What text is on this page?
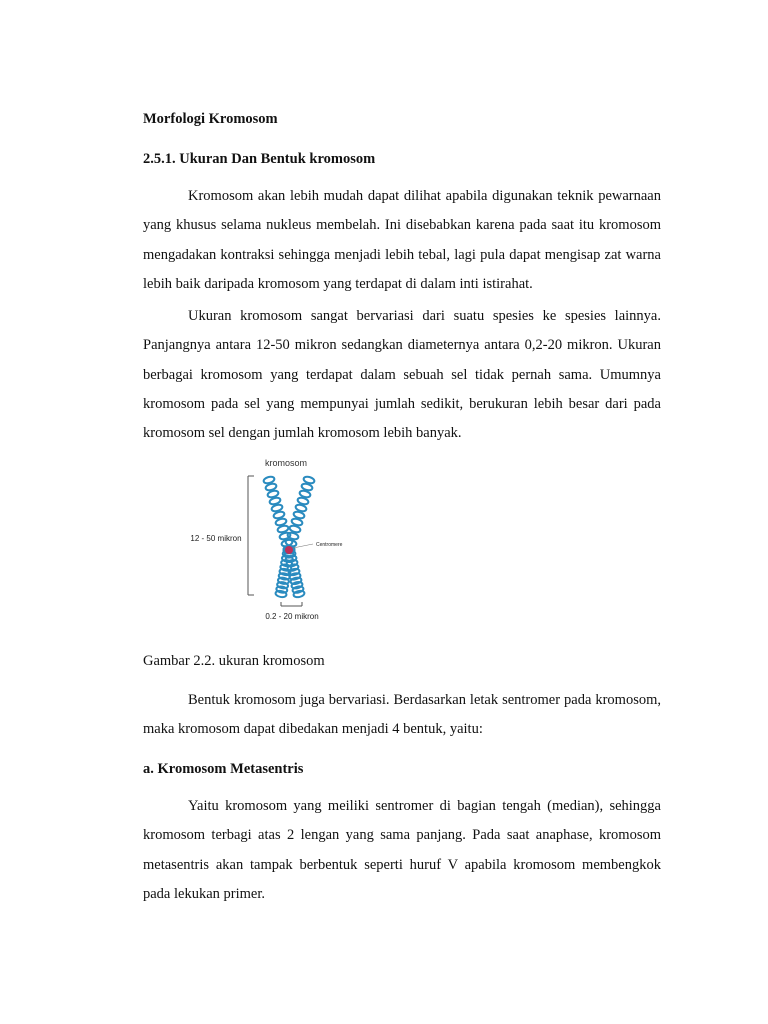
Morfologi Kromosom
2.5.1. Ukuran Dan Bentuk kromosom

Kromosom akan lebih mudah dapat dilihat apabila digunakan teknik pewarnaan yang khusus selama nukleus membelah. Ini disebabkan karena pada saat itu kromosom mengadakan kontraksi sehingga menjadi lebih tebal, lagi pula dapat mengisap zat warna lebih baik daripada kromosom yang terdapat di dalam inti istirahat.

Ukuran kromosom sangat bervariasi dari suatu spesies ke spesies lainnya. Panjangnya antara 12-50 mikron sedangkan diameternya antara 0,2-20 mikron. Ukuran berbagai kromosom yang terdapat dalam sebuah sel tidak pernah sama. Umumnya kromosom pada sel yang mempunyai jumlah sedikit, berukuran lebih besar dari pada kromosom sel dengan jumlah kromosom lebih banyak.

kromosom
12 - 50 mikron
Centromere
0.2 - 20 mikron
Gambar 2.2. ukuran kromosom

Bentuk kromosom juga bervariasi. Berdasarkan letak sentromer pada kromosom, maka kromosom dapat dibedakan menjadi 4 bentuk, yaitu:

a. Kromosom Metasentris

Yaitu kromosom yang meiliki sentromer di bagian tengah (median), sehingga kromosom terbagi atas 2 lengan yang sama panjang. Pada saat anaphase, kromosom metasentris akan tampak berbentuk seperti huruf V apabila kromosom membengkok pada lekukan primer.
